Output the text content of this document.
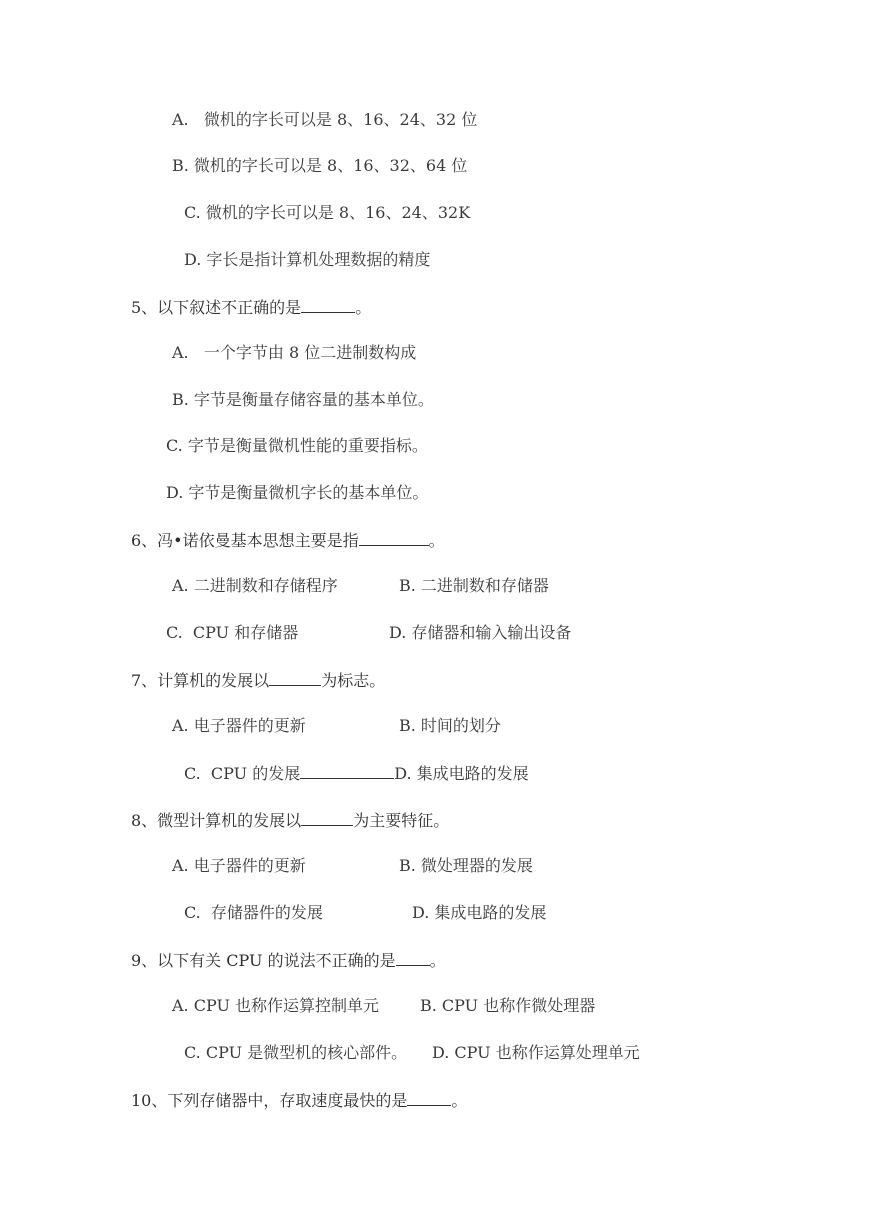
A.   微机的字长可以是 8、16、24、32 位
B. 微机的字长可以是 8、16、32、64 位
C. 微机的字长可以是 8、16、24、32K
D. 字长是指计算机处理数据的精度
5、以下叙述不正确的是	。
A.   一个字节由 8 位二进制数构成
B. 字节是衡量存储容量的基本单位。
C. 字节是衡量微机性能的重要指标。
D. 字节是衡量微机字长的基本单位。
6、冯•诺依曼基本思想主要是指	。
A. 二进制数和存储程序	B. 二进制数和存储器
C.  CPU 和存储器	D. 存储器和输入输出设备
7、计算机的发展以	为标志。
A. 电子器件的更新	B. 时间的划分
C.  CPU 的发展	D. 集成电路的发展
8、微型计算机的发展以	为主要特征。
A. 电子器件的更新	B. 微处理器的发展
C.  存储器件的发展	D. 集成电路的发展
9、以下有关 CPU 的说法不正确的是 。
A. CPU 也称作运算控制单元	B. CPU 也称作微处理器
C. CPU 是微型机的核心部件。 D. CPU 也称作运算处理单元
10、下列存储器中，存取速度最快的是	。
